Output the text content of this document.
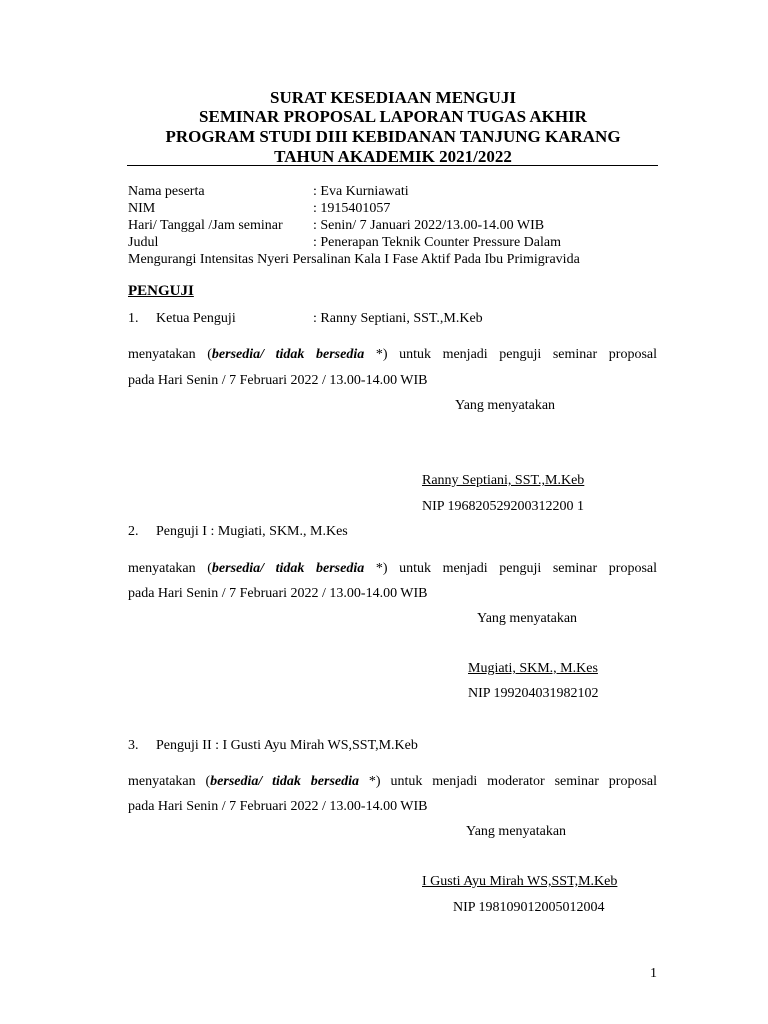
SURAT KESEDIAAN MENGUJI
SEMINAR PROPOSAL LAPORAN TUGAS AKHIR
PROGRAM STUDI DIII KEBIDANAN TANJUNG KARANG
TAHUN AKADEMIK 2021/2022
Nama peserta	: Eva Kurniawati
NIM	: 1915401057
Hari/ Tanggal /Jam seminar : Senin/ 7 Januari 2022/13.00-14.00 WIB
Judul	: Penerapan Teknik Counter Pressure Dalam
Mengurangi Intensitas Nyeri Persalinan Kala I Fase Aktif Pada Ibu Primigravida
PENGUJI
1. Ketua Penguji	: Ranny Septiani, SST.,M.Keb
menyatakan (bersedia/ tidak bersedia *) untuk menjadi penguji seminar proposal
pada Hari Senin / 7 Februari 2022 / 13.00-14.00 WIB
Yang menyatakan
Ranny Septiani, SST.,M.Keb
NIP 196820529200312200 1
2. Penguji I : Mugiati, SKM., M.Kes
menyatakan (bersedia/ tidak bersedia *) untuk menjadi penguji seminar proposal
pada Hari Senin / 7 Februari 2022 / 13.00-14.00 WIB
Yang menyatakan
Mugiati, SKM., M.Kes
NIP 199204031982102
3. Penguji II : I Gusti Ayu Mirah WS,SST,M.Keb
menyatakan (bersedia/ tidak bersedia *) untuk menjadi moderator seminar proposal
pada Hari Senin / 7 Februari 2022 / 13.00-14.00 WIB
Yang menyatakan
I Gusti Ayu Mirah WS,SST,M.Keb
NIP 198109012005012004
1
